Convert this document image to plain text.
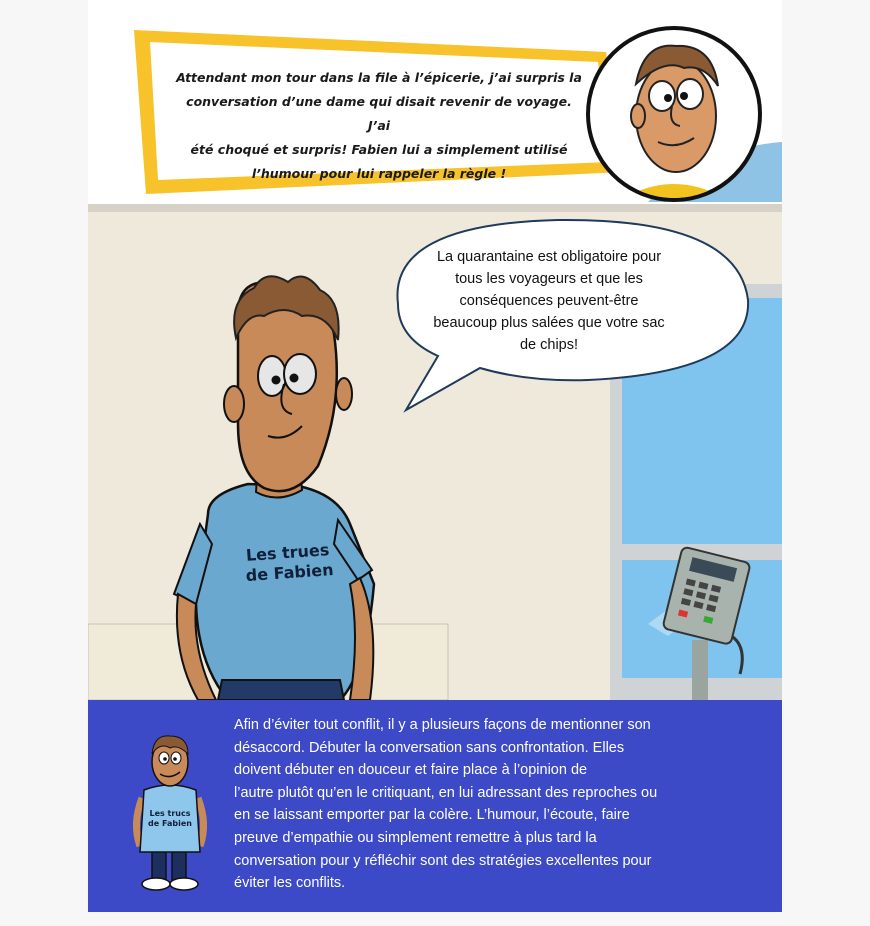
Attendant mon tour dans la file à l’épicerie, j’ai surpris la
conversation d’une dame qui disait revenir de voyage. J’ai
été choqué et surpris! Fabien lui a simplement utilisé
l’humour pour lui rappeler la règle !
Les trues
de Fabien
La quarantaine est obligatoire pour
tous les voyageurs et que les
conséquences peuvent-être
beaucoup plus salées que votre sac
de chips!
Les trucs
de Fabien
Afin d’éviter tout conflit, il y a plusieurs façons de mentionner son
désaccord. Débuter la conversation sans confrontation. Elles
doivent débuter en douceur et faire place à l’opinion de
l’autre plutôt qu’en le critiquant, en lui adressant des reproches ou
en se laissant emporter par la colère. L’humour, l’écoute, faire
preuve d’empathie ou simplement remettre à plus tard la
conversation pour y réfléchir sont des stratégies excellentes pour
éviter les conflits.
